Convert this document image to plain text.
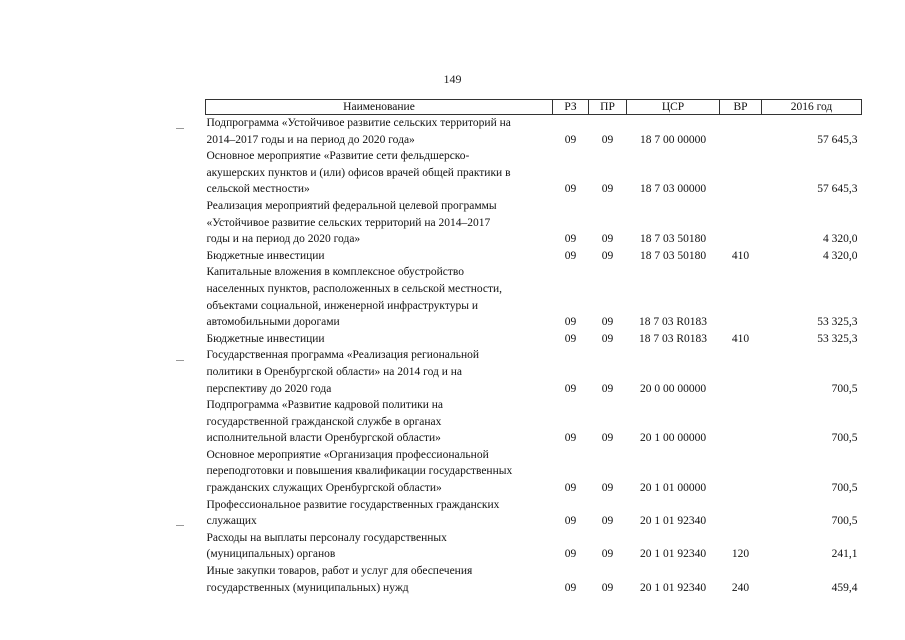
149
Наименование	РЗ	ПР	ЦСР	ВР	2016 год

Подпрограмма «Устойчивое развитие сельских территорий на
2014–2017 годы и на период до 2020 года»	09	09	18 7 00 00000		57 645,3

Основное мероприятие «Развитие сети фельдшерско-
акушерских пунктов и (или) офисов врачей общей практики в
сельской местности»	09	09	18 7 03 00000		57 645,3

Реализация мероприятий федеральной целевой программы
«Устойчивое развитие сельских территорий на 2014–2017
годы и на период до 2020 года»	09	09	18 7 03 50180		4 320,0

Бюджетные инвестиции	09	09	18 7 03 50180	410	4 320,0

Капитальные вложения в комплексное обустройство
населенных пунктов, расположенных в сельской местности,
объектами социальной, инженерной инфраструктуры и
автомобильными дорогами	09	09	18 7 03 R0183		53 325,3

Бюджетные инвестиции	09	09	18 7 03 R0183	410	53 325,3

Государственная программа «Реализация региональной
политики в Оренбургской области» на 2014 год и на
перспективу до 2020 года	09	09	20 0 00 00000		700,5

Подпрограмма «Развитие кадровой политики на
государственной гражданской службе в органах
исполнительной власти Оренбургской области»	09	09	20 1 00 00000		700,5

Основное мероприятие «Организация профессиональной
переподготовки и повышения квалификации государственных
гражданских служащих Оренбургской области»	09	09	20 1 01 00000		700,5

Профессиональное развитие государственных гражданских
служащих	09	09	20 1 01 92340		700,5

Расходы на выплаты персоналу государственных
(муниципальных) органов	09	09	20 1 01 92340	120	241,1

Иные закупки товаров, работ и услуг для обеспечения
государственных (муниципальных) нужд	09	09	20 1 01 92340	240	459,4
